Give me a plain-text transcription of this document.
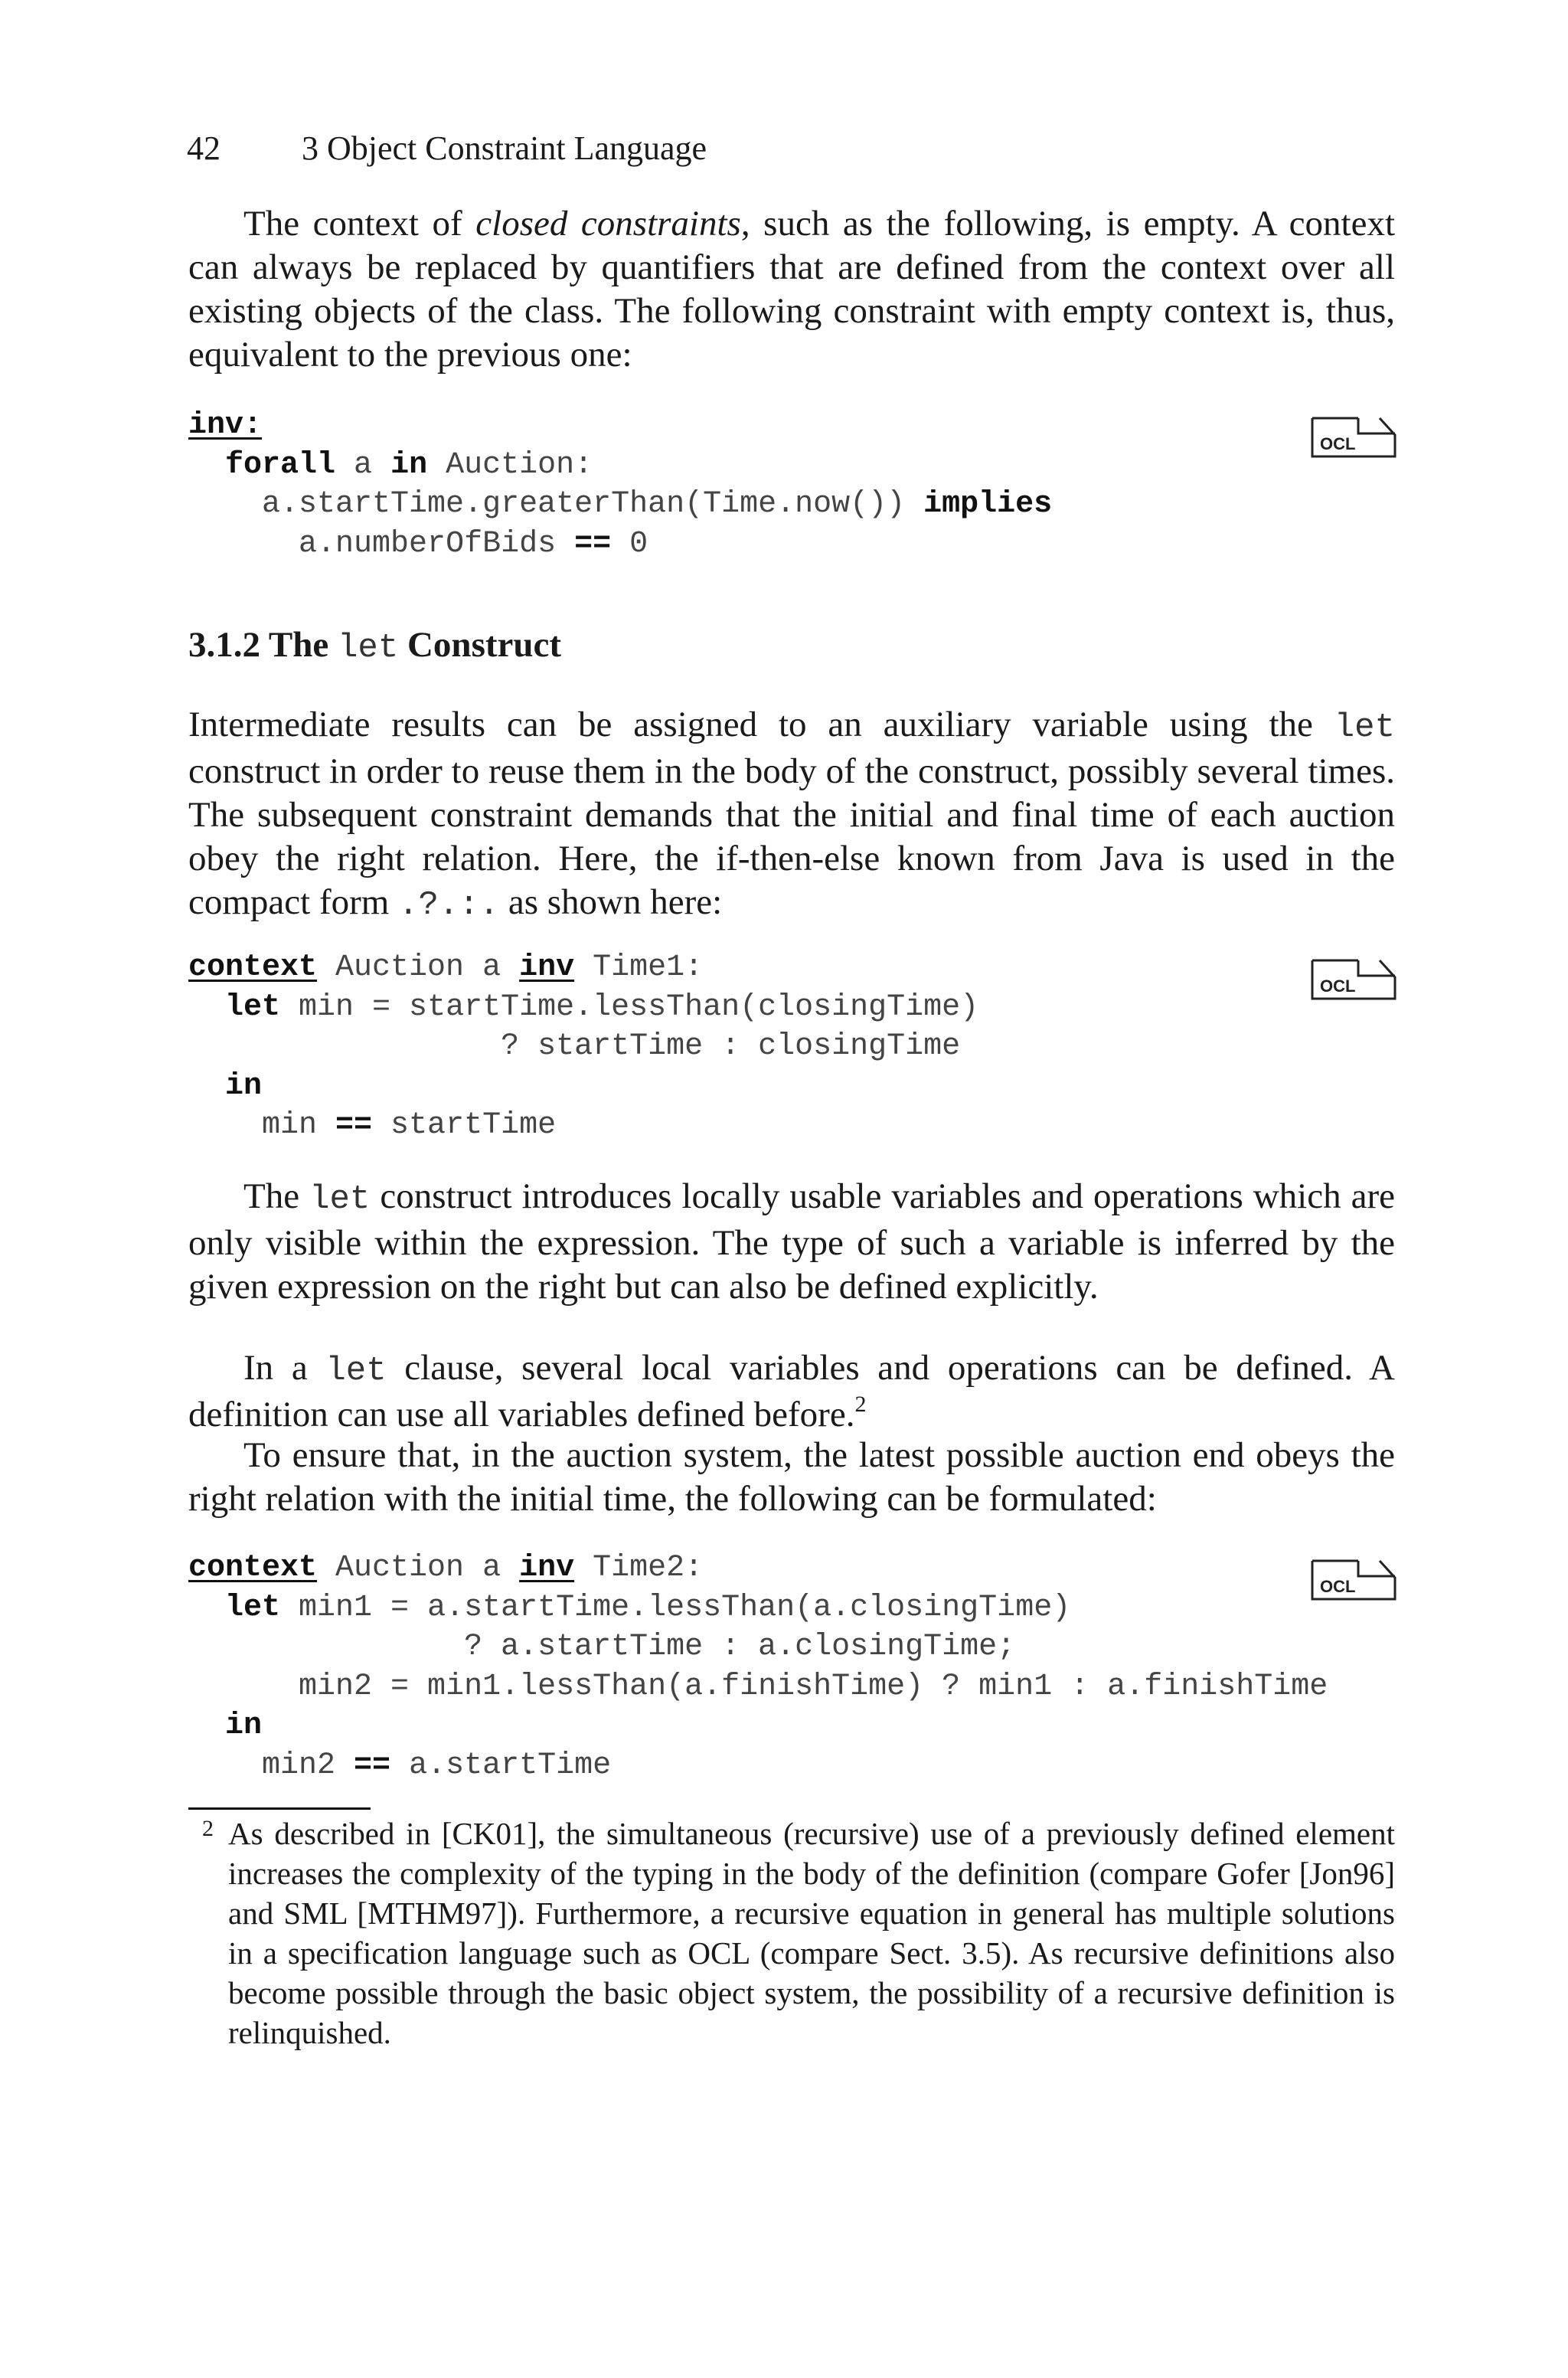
42 3 Object Constraint Language

The context of closed constraints, such as the following, is empty. A context can always be replaced by quantifiers that are defined from the context over all existing objects of the class. The following constraint with empty context is, thus, equivalent to the previous one:

inv:
forall a in Auction:
a.startTime.greaterThan(Time.now()) implies
a.numberOfBids == 0
OCL
3.1.2 The let Construct

Intermediate results can be assigned to an auxiliary variable using the let construct in order to reuse them in the body of the construct, possibly several times. The subsequent constraint demands that the initial and final time of each auction obey the right relation. Here, the if-then-else known from Java is used in the compact form .?.:. as shown here:

context Auction a inv Time1:
let min = startTime.lessThan(closingTime)
? startTime : closingTime
in
min == startTime
OCL

The let construct introduces locally usable variables and operations which are only visible within the expression. The type of such a variable is inferred by the given expression on the right but can also be defined explicitly.

In a let clause, several local variables and operations can be defined. A definition can use all variables defined before.$^2$

To ensure that, in the auction system, the latest possible auction end obeys the right relation with the initial time, the following can be formulated:

context Auction a inv Time2:
let min1 = a.startTime.lessThan(a.closingTime)
? a.startTime : a.closingTime;
min2 = min1.lessThan(a.finishTime) ? min1 : a.finishTime
in
min2 == a.startTime
OCL
2 As described in [CK01], the simultaneous (recursive) use of a previously defined element increases the complexity of the typing in the body of the definition (compare Gofer [Jon96] and SML [MTHM97]). Furthermore, a recursive equation in general has multiple solutions in a specification language such as OCL (compare Sect. 3.5). As recursive definitions also become possible through the basic object system, the possibility of a recursive definition is relinquished.
